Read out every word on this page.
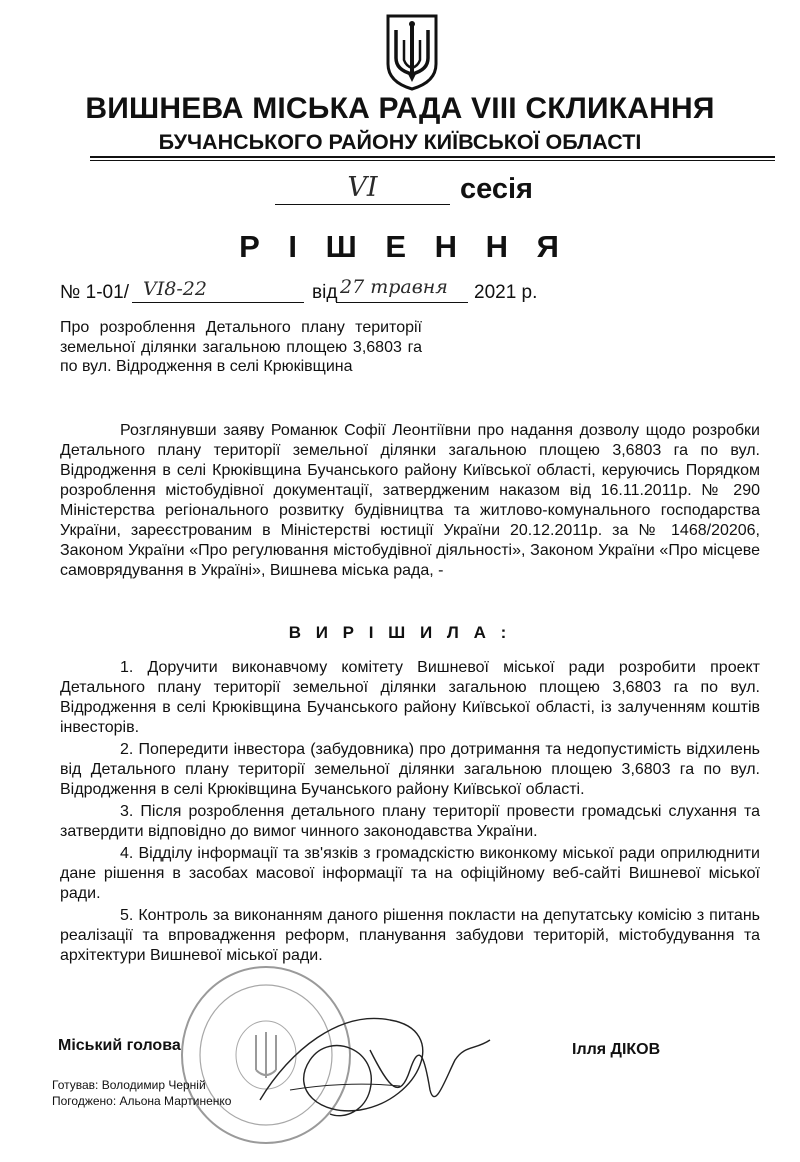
ВИШНЕВА МІСЬКА РАДА VIII СКЛИКАННЯ
БУЧАНСЬКОГО РАЙОНУ КИЇВСЬКОЇ ОБЛАСТІ
VI	сесія
Р І Ш Е Н Н Я
№ 1-01/ VI8-22	від 27 травня	2021 р.
Про розроблення Детального плану території земельної ділянки загальною площею 3,6803 га по вул. Відродження в селі Крюківщина

Розглянувши заяву Романюк Софії Леонтіївни про надання дозволу щодо розробки Детального плану території земельної ділянки загальною площею 3,6803 га по вул. Відродження в селі Крюківщина Бучанського району Київської області, керуючись Порядком розроблення містобудівної документації, затвердженим наказом від 16.11.2011р. № 290 Міністерства регіонального розвитку будівництва та житлово-комунального господарства України, зареєстрованим в Міністерстві юстиції України 20.12.2011р. за № 1468/20206, Законом України «Про регулювання містобудівної діяльності», Законом України «Про місцеве самоврядування в Україні», Вишнева міська рада, -

В И Р І Ш И Л А :

1. Доручити виконавчому комітету Вишневої міської ради розробити проект Детального плану території земельної ділянки загальною площею 3,6803 га по вул. Відродження в селі Крюківщина Бучанського району Київської області, із залученням коштів інвесторів.

2. Попередити інвестора (забудовника) про дотримання та недопустимість відхилень від Детального плану території земельної ділянки загальною площею 3,6803 га по вул. Відродження в селі Крюківщина Бучанського району Київської області.

3. Після розроблення детального плану території провести громадські слухання та затвердити відповідно до вимог чинного законодавства України.

4. Відділу інформації та зв'язків з громадскістю виконкому міської ради оприлюднити дане рішення в засобах масової інформації та на офіційному веб-сайті Вишневої міської ради.

5. Контроль за виконанням даного рішення покласти на депутатську комісію з питань реалізації та впровадження реформ, планування забудови територій, містобудування та архітектури Вишневої міської ради.

Міський голова	Ілля ДІКОВ
Готував: Володимир Черній
Погоджено: Альона Мартиненко
